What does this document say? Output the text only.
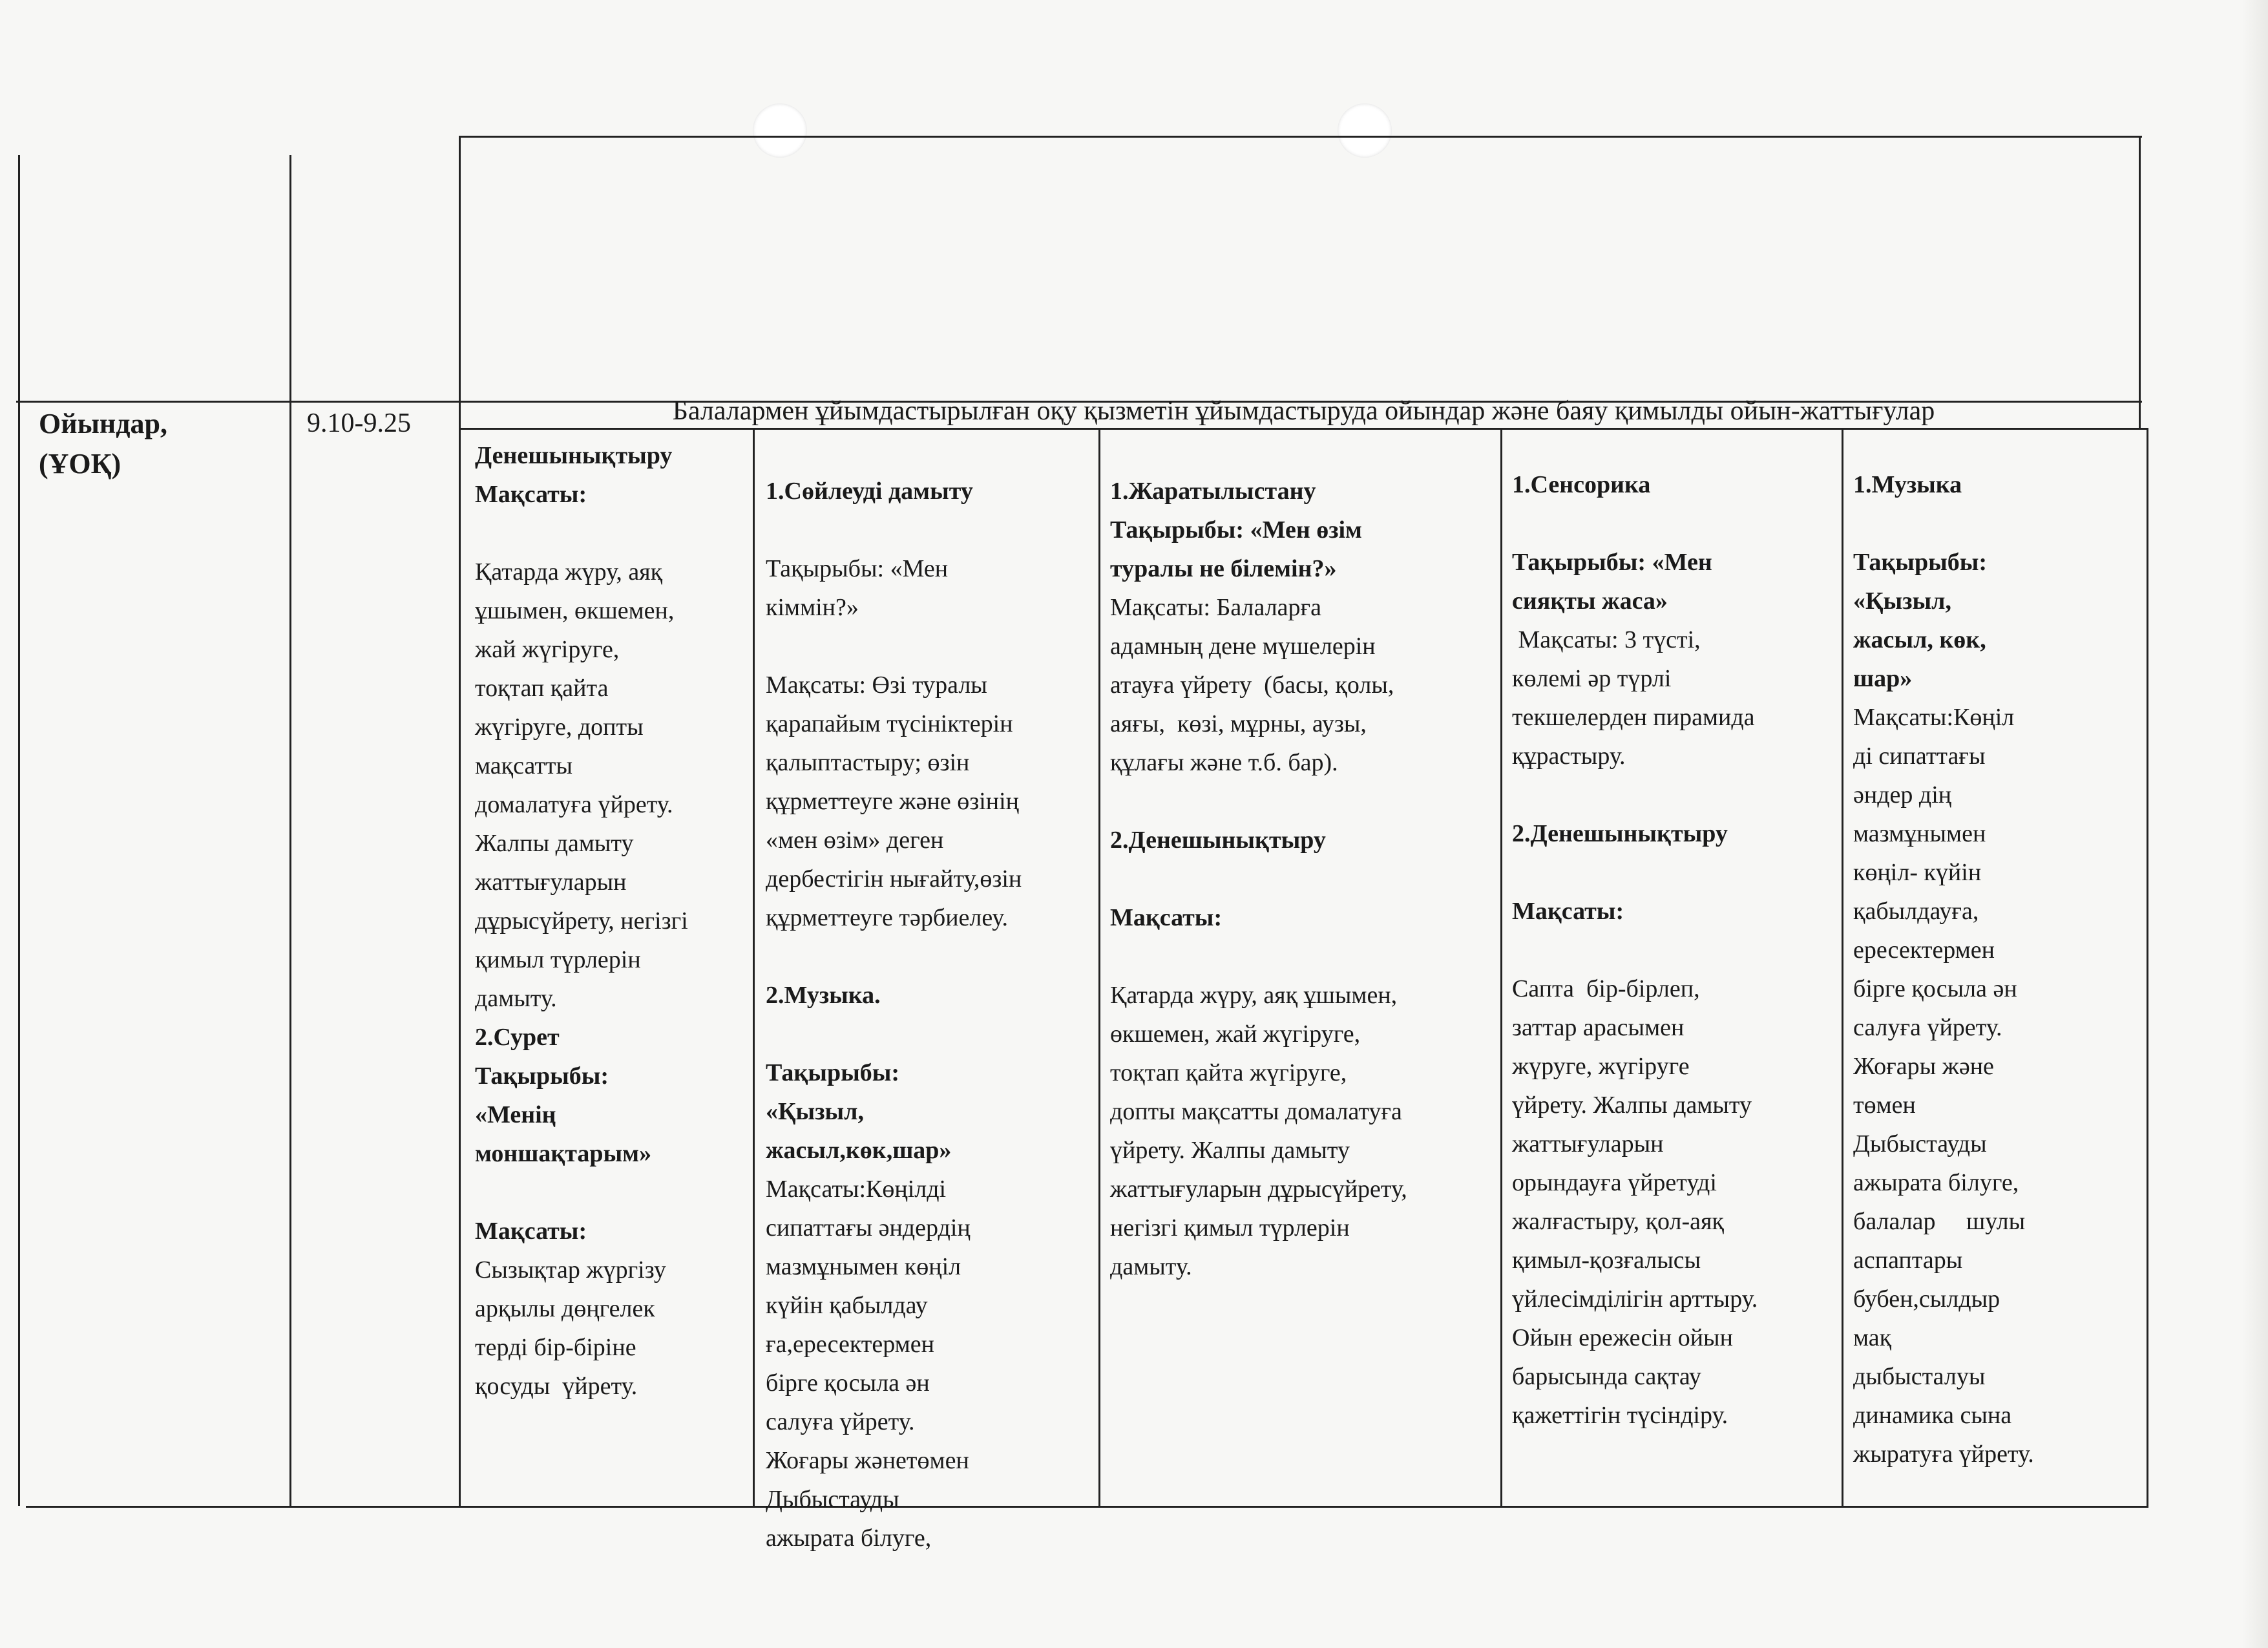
Ойындар,
(ҰОҚ)
9.10-9.25	Балалармен ұйымдастырылған оқу қызметін ұйымдастыруда ойындар және баяу қимылды ойын-жаттығулар
Денешынықтыру
Мақсаты:
Қатарда жүру, аяқ
ұшымен, өкшемен,
жай жүгіруге,
тоқтап қайта
жүгіруге, допты
мақсатты
домалатуға үйрету.
Жалпы дамыту
жаттығуларын
дұрысүйрету, негізгі
қимыл түрлерін
дамыту.
2.Сурет
Тақырыбы:
«Менің
моншақтарым»
Мақсаты:
Сызықтар жүргізу
арқылы дөңгелек
терді бір-біріне
қосуды  үйрету.
1.Сөйлеуді дамыту
Тақырыбы: «Мен
кіммін?»
Мақсаты: Өзі туралы
қарапайым түсініктерін
қалыптастыру; өзін
құрметтеуге және өзінің
«мен өзім» деген
дербестігін нығайту,өзін
құрметтеуге тәрбиелеу.
2.Музыка.
Тақырыбы:
«Қызыл,
жасыл,көк,шар»
Мақсаты:Көңілді
сипаттағы әндердің
мазмұнымен көңіл
күйін қабылдау
ға,ересектермен
бірге қосыла ән
салуға үйрету.
Жоғары жәнетөмен
Дыбыстауды
ажырата білуге,
1.Жаратылыстану
Тақырыбы: «Мен өзім
туралы не білемін?»
Мақсаты: Балаларға
адамның дене мүшелерін
атауға үйрету  (басы, қолы,
аяғы,  көзі, мұрны, аузы,
құлағы және т.б. бар).
2.Денешынықтыру
Мақсаты:
Қатарда жүру, аяқ ұшымен,
өкшемен, жай жүгіруге,
тоқтап қайта жүгіруге,
допты мақсатты домалатуға
үйрету. Жалпы дамыту
жаттығуларын дұрысүйрету,
негізгі қимыл түрлерін
дамыту.
1.Сенсорика
Тақырыбы: «Мен
сияқты жаса»
Мақсаты: 3 түсті,
көлемі әр түрлі
текшелерден пирамида
құрастыру.
2.Денешынықтыру
Мақсаты:
Сапта  бір-бірлеп,
заттар арасымен
жүруге, жүгіруге
үйрету. Жалпы дамыту
жаттығуларын
орындауға үйретуді
жалғастыру, қол-аяқ
қимыл-қозғалысы
үйлесімділігін арттыру.
Ойын ережесін ойын
барысында сақтау
қажеттігін түсіндіру.
1.Музыка
Тақырыбы:
«Қызыл,
жасыл, көк,
шар»
Мақсаты:Көңіл
ді сипаттағы
әндер дің
мазмұнымен
көңіл- күйін
қабылдауға,
ересектермен
бірге қосыла ән
салуға үйрету.
Жоғары және
төмен
Дыбыстауды
ажырата білуге,
балалар     шулы
аспаптары
бубен,сылдыр
мақ
дыбысталуы
динамика сына
жыратуға үйрету.
